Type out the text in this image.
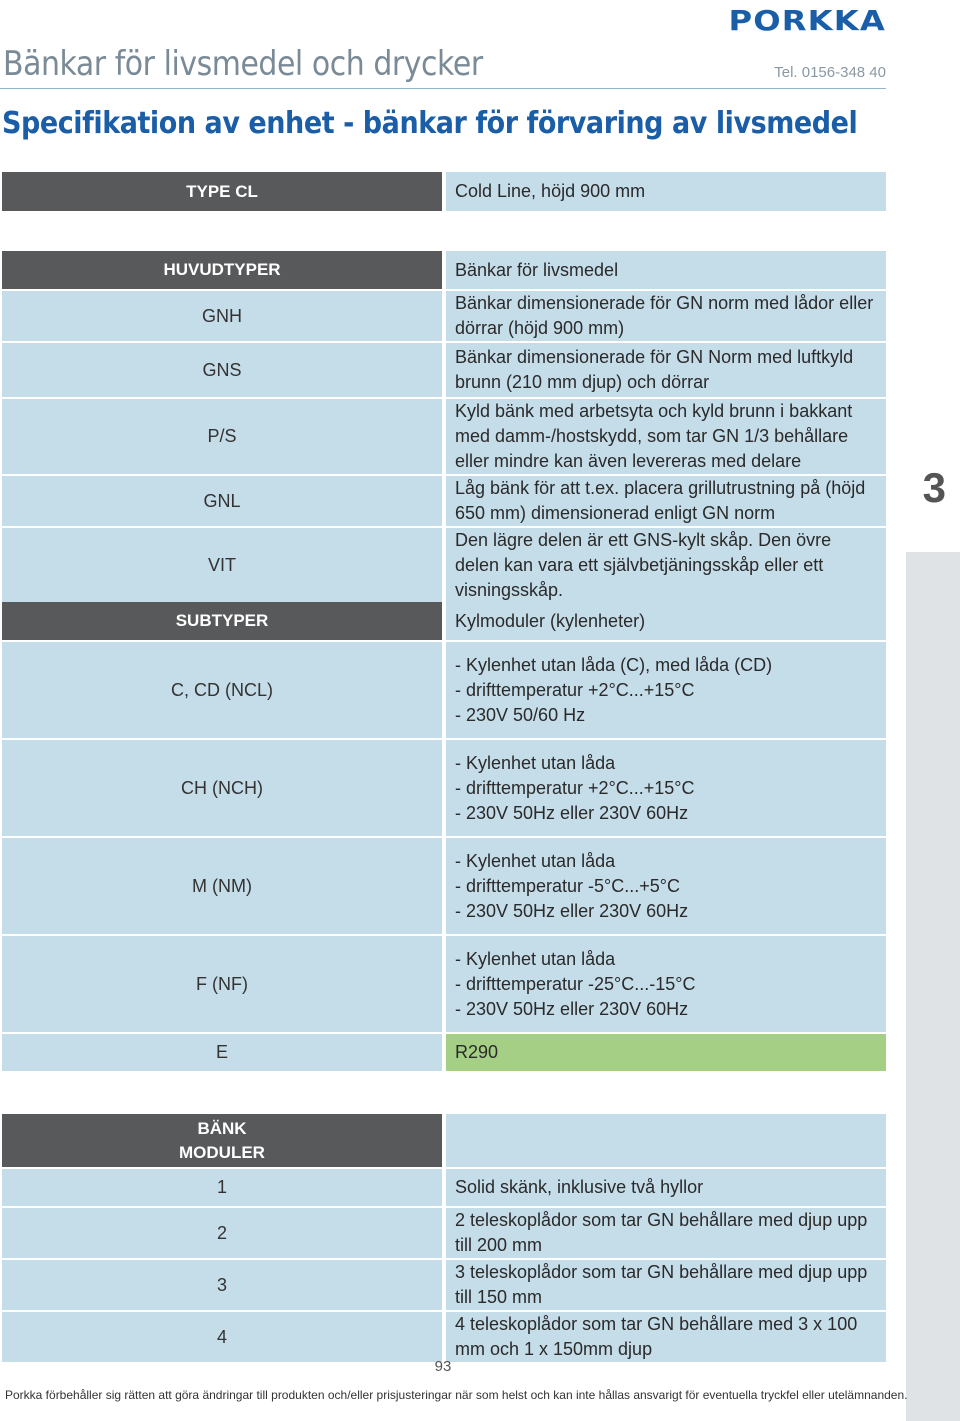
PORKKA
Bänkar för livsmedel och drycker	Tel. 0156-348 40
Specifikation av enhet - bänkar för förvaring av livsmedel
TYPE CL		Cold Line, höjd 900 mm
HUVUDTYPER		Bänkar för livsmedel
GNH		Bänkar dimensionerade för GN norm med lådor eller dörrar (höjd 900 mm)
GNS		Bänkar dimensionerade för GN Norm med luftkyld brunn (210 mm djup) och dörrar
P/S		Kyld bänk med arbetsyta och kyld brunn i bakkant med damm-/hostskydd, som tar GN 1/3 behållare eller mindre kan även levereras med delare
GNL		Låg bänk för att t.ex. placera grillutrustning på (höjd 650 mm) dimensionerad enligt GN norm
VIT		Den lägre delen är ett GNS-kylt skåp. Den övre delen kan vara ett självbetjäningsskåp eller ett visningsskåp.
SUBTYPER		Kylmoduler (kylenheter)
C, CD (NCL)		- Kylenhet utan låda (C), med låda (CD)
- drifttemperatur +2°C...+15°C
- 230V 50/60 Hz

CH (NCH)		- Kylenhet utan låda
- drifttemperatur +2°C...+15°C
- 230V 50Hz eller 230V 60Hz

M (NM)		- Kylenhet utan låda
- drifttemperatur -5°C...+5°C
- 230V 50Hz eller 230V 60Hz

F (NF)		- Kylenhet utan låda
- drifttemperatur -25°C...-15°C
- 230V 50Hz eller 230V 60Hz

E		R290
BÄNK
MODULER		

1		Solid skänk, inklusive två hyllor
2		2 teleskoplådor som tar GN behållare med djup upp till 200 mm
3		3 teleskoplådor som tar GN behållare med djup upp till 150 mm
4		4 teleskoplådor som tar GN behållare med 3 x 100 mm och 1 x 150mm djup
3
93
Porkka förbehåller sig rätten att göra ändringar till produkten och/eller prisjusteringar när som helst och kan inte hållas ansvarigt för eventuella tryckfel eller utelämnanden.
